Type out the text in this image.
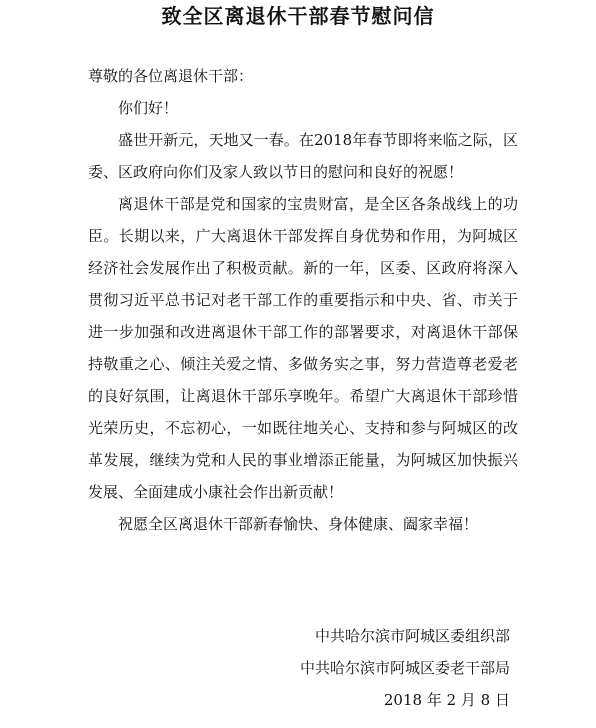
致全区离退休干部春节慰问信

尊敬的各位离退休干部：

你们好！

盛世开新元，天地又一春。在2018年春节即将来临之际，区委、区政府向你们及家人致以节日的慰问和良好的祝愿！

离退休干部是党和国家的宝贵财富，是全区各条战线上的功臣。长期以来，广大离退休干部发挥自身优势和作用，为阿城区经济社会发展作出了积极贡献。新的一年，区委、区政府将深入贯彻习近平总书记对老干部工作的重要指示和中央、省、市关于进一步加强和改进离退休干部工作的部署要求，对离退休干部保持敬重之心、倾注关爱之情、多做务实之事，努力营造尊老爱老的良好氛围，让离退休干部乐享晚年。希望广大离退休干部珍惜光荣历史，不忘初心，一如既往地关心、支持和参与阿城区的改革发展，继续为党和人民的事业增添正能量，为阿城区加快振兴发展、全面建成小康社会作出新贡献！

祝愿全区离退休干部新春愉快、身体健康、阖家幸福！

中共哈尔滨市阿城区委组织部
中共哈尔滨市阿城区委老干部局
2018 年 2 月 8 日
